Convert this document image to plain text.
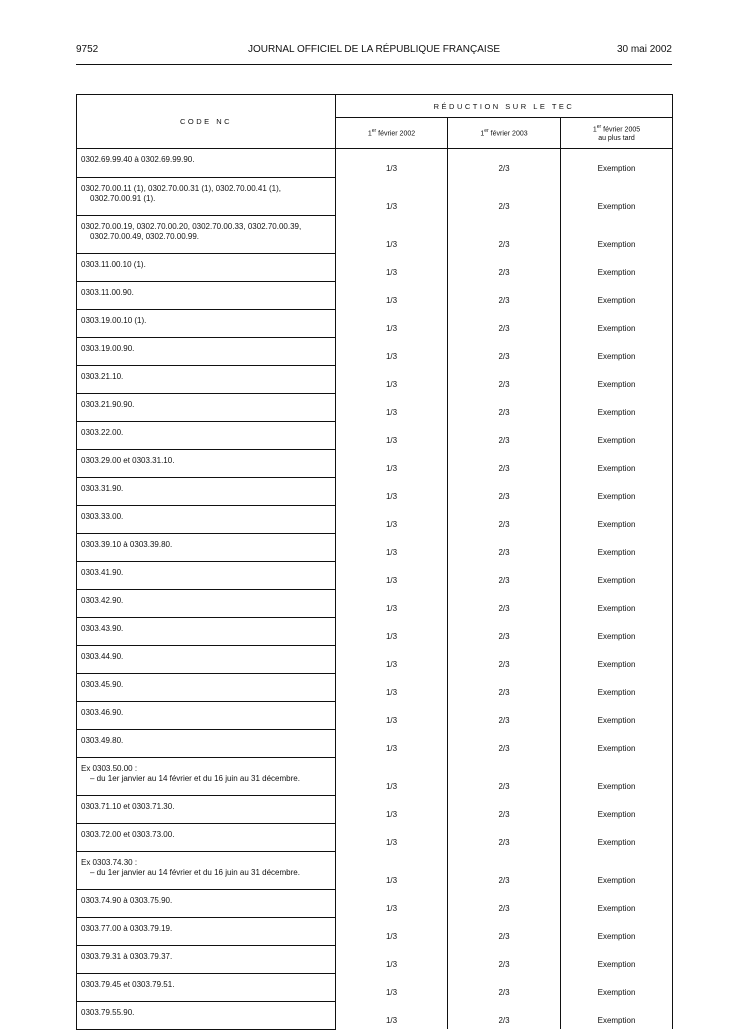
9752	JOURNAL OFFICIEL DE LA RÉPUBLIQUE FRANÇAISE	30 mai 2002
CODE NC	RÉDUCTION SUR LE TEC		

	1er février 2002	1er février 2003	1er février 2005
au plus tard

0302.69.99.40 à 0302.69.99.90.	1/3	2/3	Exemption

0302.70.00.11 (1), 0302.70.00.31 (1), 0302.70.00.41 (1),
0302.70.00.91 (1).	1/3	2/3	Exemption

0302.70.00.19, 0302.70.00.20, 0302.70.00.33, 0302.70.00.39,
0302.70.00.49, 0302.70.00.99.	1/3	2/3	Exemption

0303.11.00.10 (1).	1/3	2/3	Exemption

0303.11.00.90.	1/3	2/3	Exemption

0303.19.00.10 (1).	1/3	2/3	Exemption

0303.19.00.90.	1/3	2/3	Exemption

0303.21.10.	1/3	2/3	Exemption

0303.21.90.90.	1/3	2/3	Exemption

0303.22.00.	1/3	2/3	Exemption

0303.29.00 et 0303.31.10.	1/3	2/3	Exemption

0303.31.90.	1/3	2/3	Exemption

0303.33.00.	1/3	2/3	Exemption

0303.39.10 à 0303.39.80.	1/3	2/3	Exemption

0303.41.90.	1/3	2/3	Exemption

0303.42.90.	1/3	2/3	Exemption

0303.43.90.	1/3	2/3	Exemption

0303.44.90.	1/3	2/3	Exemption

0303.45.90.	1/3	2/3	Exemption

0303.46.90.	1/3	2/3	Exemption

0303.49.80.	1/3	2/3	Exemption

Ex 0303.50.00 :
– du 1er janvier au 14 février et du 16 juin au 31 décembre.	1/3	2/3	Exemption

0303.71.10 et 0303.71.30.	1/3	2/3	Exemption

0303.72.00 et 0303.73.00.	1/3	2/3	Exemption

Ex 0303.74.30 :
– du 1er janvier au 14 février et du 16 juin au 31 décembre.	1/3	2/3	Exemption

0303.74.90 à 0303.75.90.	1/3	2/3	Exemption

0303.77.00 à 0303.79.19.	1/3	2/3	Exemption

0303.79.31 à 0303.79.37.	1/3	2/3	Exemption

0303.79.45 et 0303.79.51.	1/3	2/3	Exemption

0303.79.55.90.	1/3	2/3	Exemption
